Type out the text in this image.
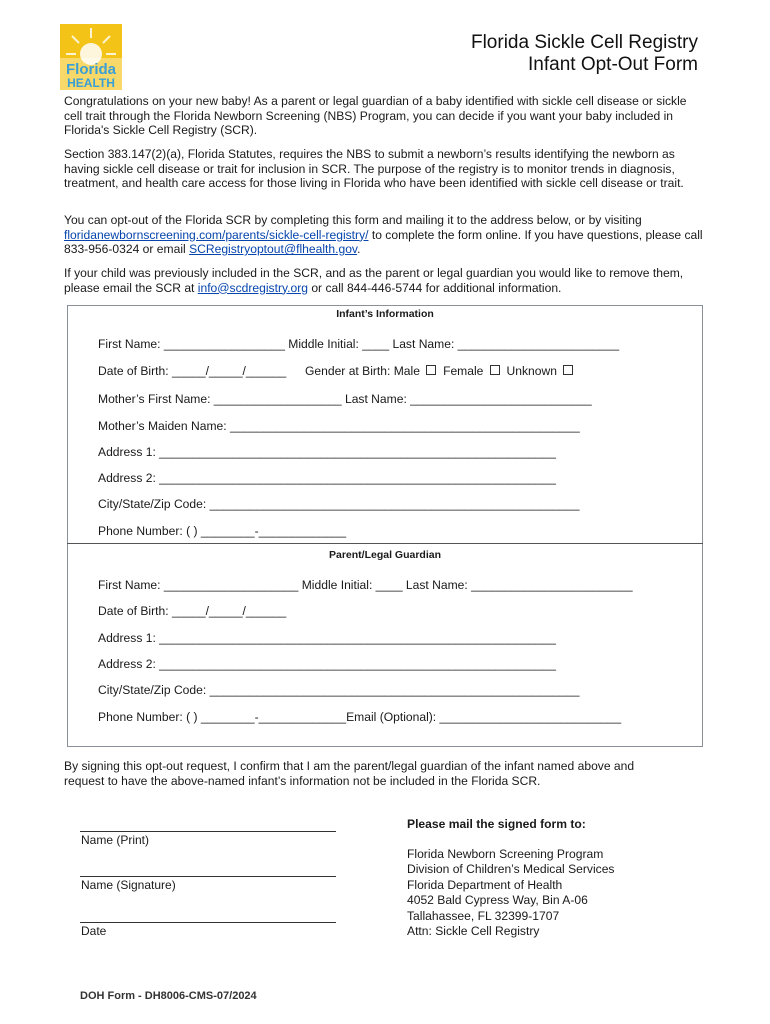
Florida
HEALTH
Florida Sickle Cell Registry
Infant Opt-Out Form
Congratulations on your new baby! As a parent or legal guardian of a baby identified with sickle cell disease or sickle cell trait through the Florida Newborn Screening (NBS) Program, you can decide if you want your baby included in Florida's Sickle Cell Registry (SCR).
Section 383.147(2)(a), Florida Statutes, requires the NBS to submit a newborn’s results identifying the newborn as having sickle cell disease or trait for inclusion in SCR. The purpose of the registry is to monitor trends in diagnosis, treatment, and health care access for those living in Florida who have been identified with sickle cell disease or trait.
You can opt-out of the Florida SCR by completing this form and mailing it to the address below, or by visiting floridanewbornscreening.com/parents/sickle-cell-registry/ to complete the form online. If you have questions, please call 833-956-0324 or email SCRegistryoptout@flhealth.gov.
If your child was previously included in the SCR, and as the parent or legal guardian you would like to remove them, please email the SCR at info@scdregistry.org or call 844-446-5744 for additional information.
Infant’s Information
First Name: __________________ Middle Initial: ____ Last Name: ________________________
Date of Birth: _____/_____/______ Gender at Birth: Male Female Unknown
Mother’s First Name: ___________________ Last Name: ___________________________
Mother’s Maiden Name: ____________________________________________________
Address 1: ___________________________________________________________
Address 2: ___________________________________________________________
City/State/Zip Code: _______________________________________________________
Phone Number: ( ) ________-_____________
Parent/Legal Guardian
First Name: ____________________ Middle Initial: ____ Last Name: ________________________
Date of Birth: _____/_____/______
Address 1: ___________________________________________________________
Address 2: ___________________________________________________________
City/State/Zip Code: _______________________________________________________
Phone Number: ( ) ________-_____________Email (Optional): ___________________________
By signing this opt-out request, I confirm that I am the parent/legal guardian of the infant named above and request to have the above-named infant’s information not be included in the Florida SCR.
Name (Print)
Name (Signature)
Date
Please mail the signed form to:
Florida Newborn Screening Program
Division of Children’s Medical Services
Florida Department of Health
4052 Bald Cypress Way, Bin A-06
Tallahassee, FL 32399-1707
Attn: Sickle Cell Registry
DOH Form - DH8006-CMS-07/2024
